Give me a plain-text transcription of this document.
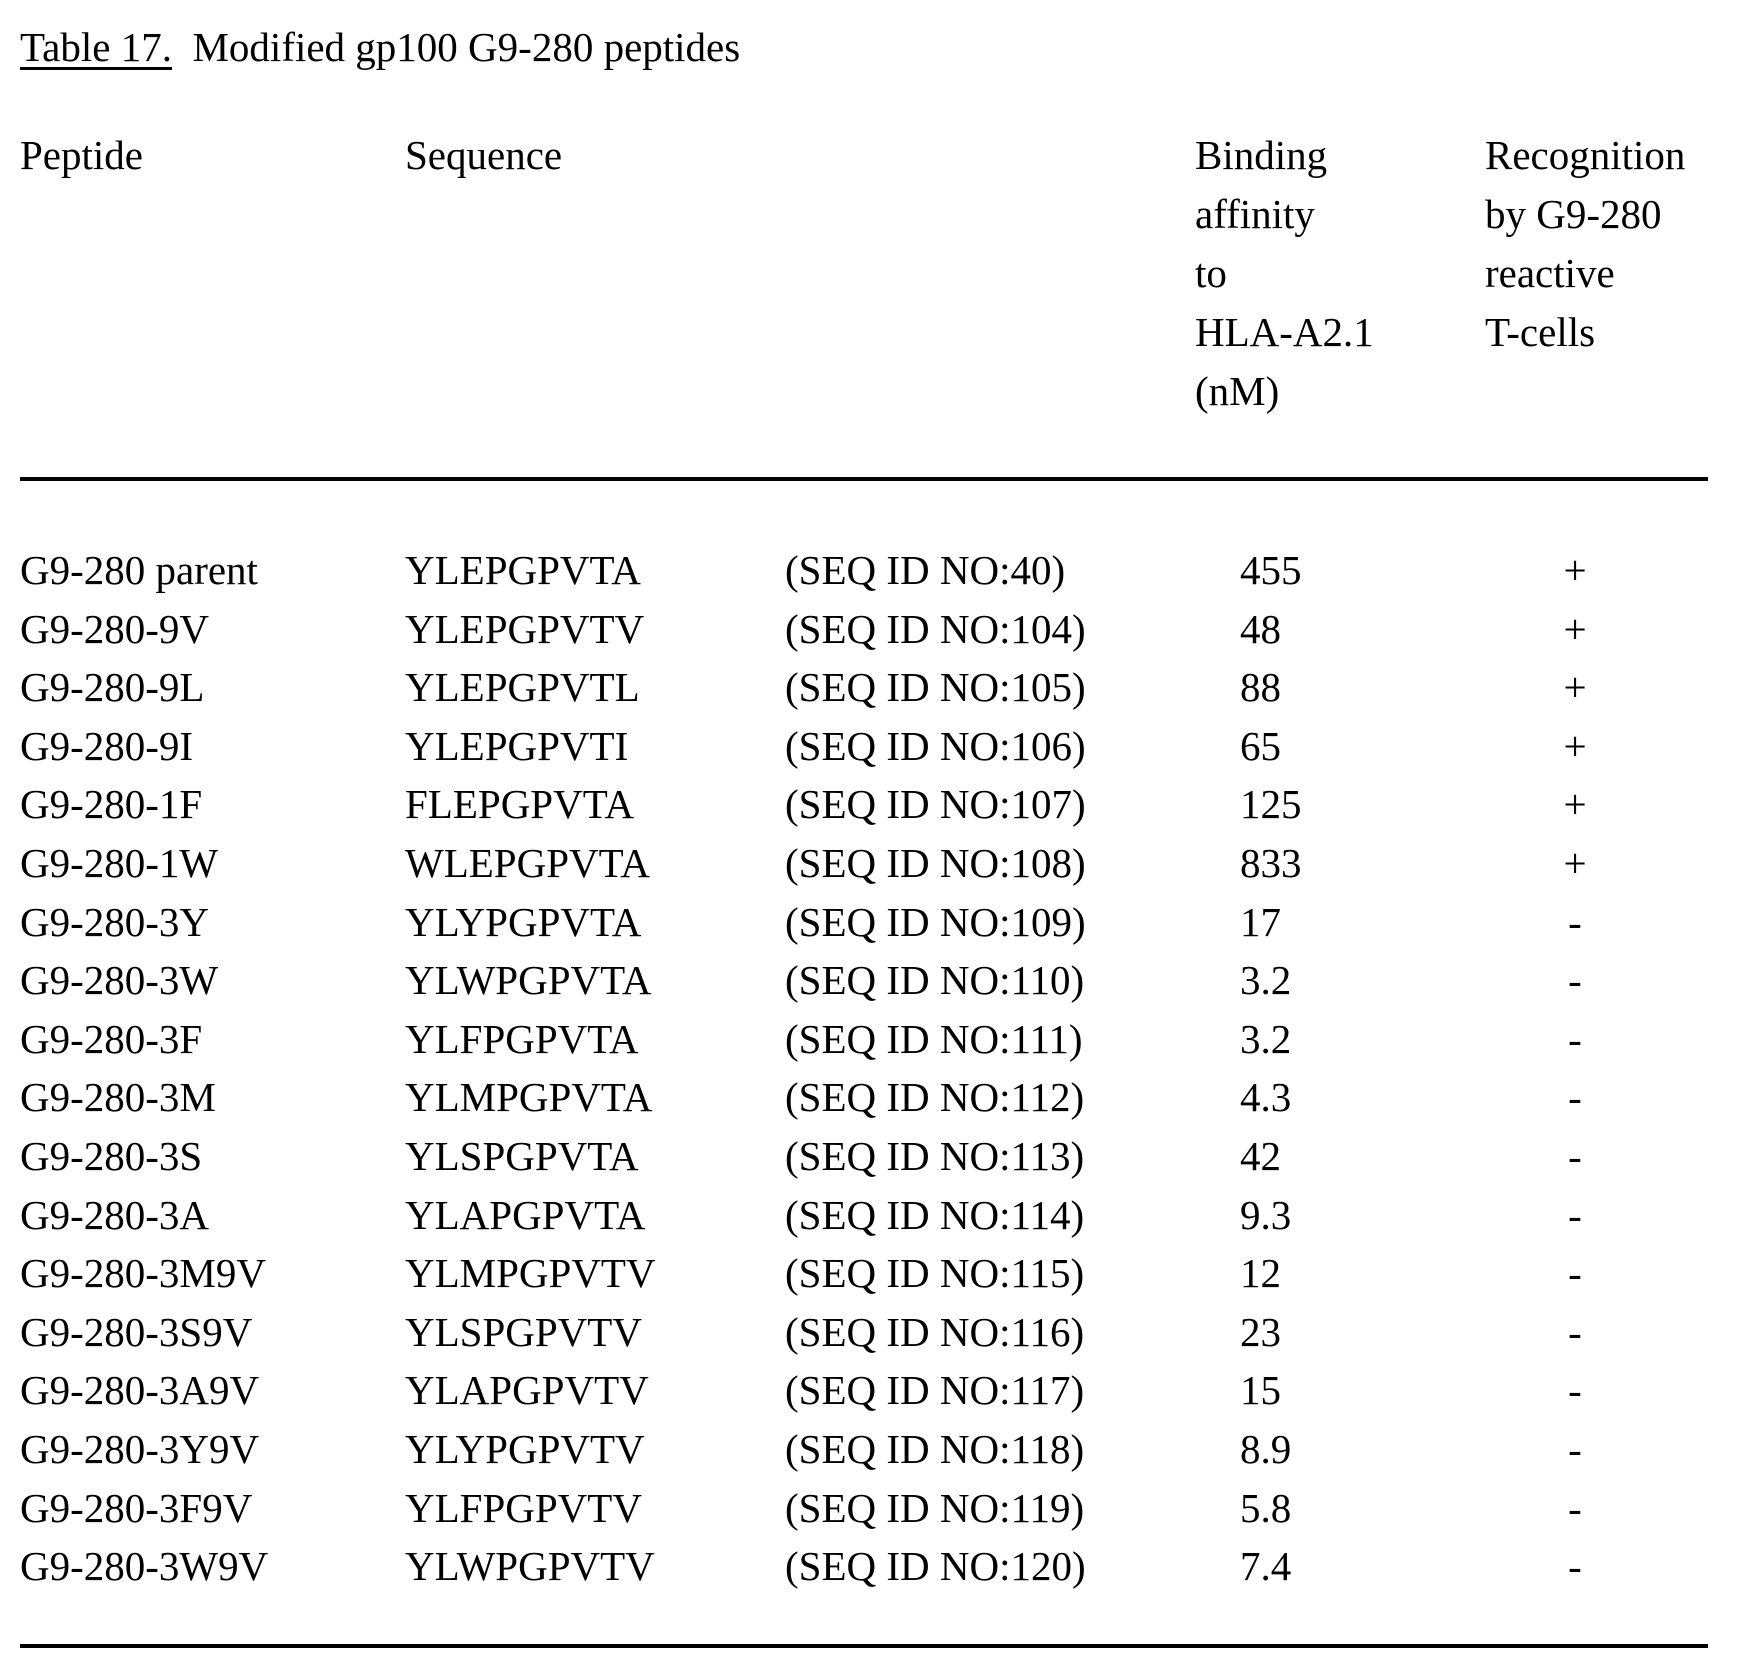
Table 17. Modified gp100 G9-280 peptides
Peptide	Sequence	Binding
affinity
to
HLA-A2.1
(nM)
Recognition
by G9-280
reactive
T-cells
G9-280 parent	YLEPGPVTA	(SEQ ID NO:40)	455	+
G9-280-9V	YLEPGPVTV	(SEQ ID NO:104)	48	+
G9-280-9L	YLEPGPVTL	(SEQ ID NO:105)	88	+
G9-280-9I	YLEPGPVTI	(SEQ ID NO:106)	65	+
G9-280-1F	FLEPGPVTA	(SEQ ID NO:107)	125	+
G9-280-1W	WLEPGPVTA	(SEQ ID NO:108)	833	+
G9-280-3Y	YLYPGPVTA	(SEQ ID NO:109)	17	-
G9-280-3W	YLWPGPVTA	(SEQ ID NO:110)	3.2	-
G9-280-3F	YLFPGPVTA	(SEQ ID NO:111)	3.2	-
G9-280-3M	YLMPGPVTA	(SEQ ID NO:112)	4.3	-
G9-280-3S	YLSPGPVTA	(SEQ ID NO:113)	42	-
G9-280-3A	YLAPGPVTA	(SEQ ID NO:114)	9.3	-
G9-280-3M9V	YLMPGPVTV	(SEQ ID NO:115)	12	-
G9-280-3S9V	YLSPGPVTV	(SEQ ID NO:116)	23	-
G9-280-3A9V	YLAPGPVTV	(SEQ ID NO:117)	15	-
G9-280-3Y9V	YLYPGPVTV	(SEQ ID NO:118)	8.9	-
G9-280-3F9V	YLFPGPVTV	(SEQ ID NO:119)	5.8	-
G9-280-3W9V	YLWPGPVTV	(SEQ ID NO:120)	7.4	-
